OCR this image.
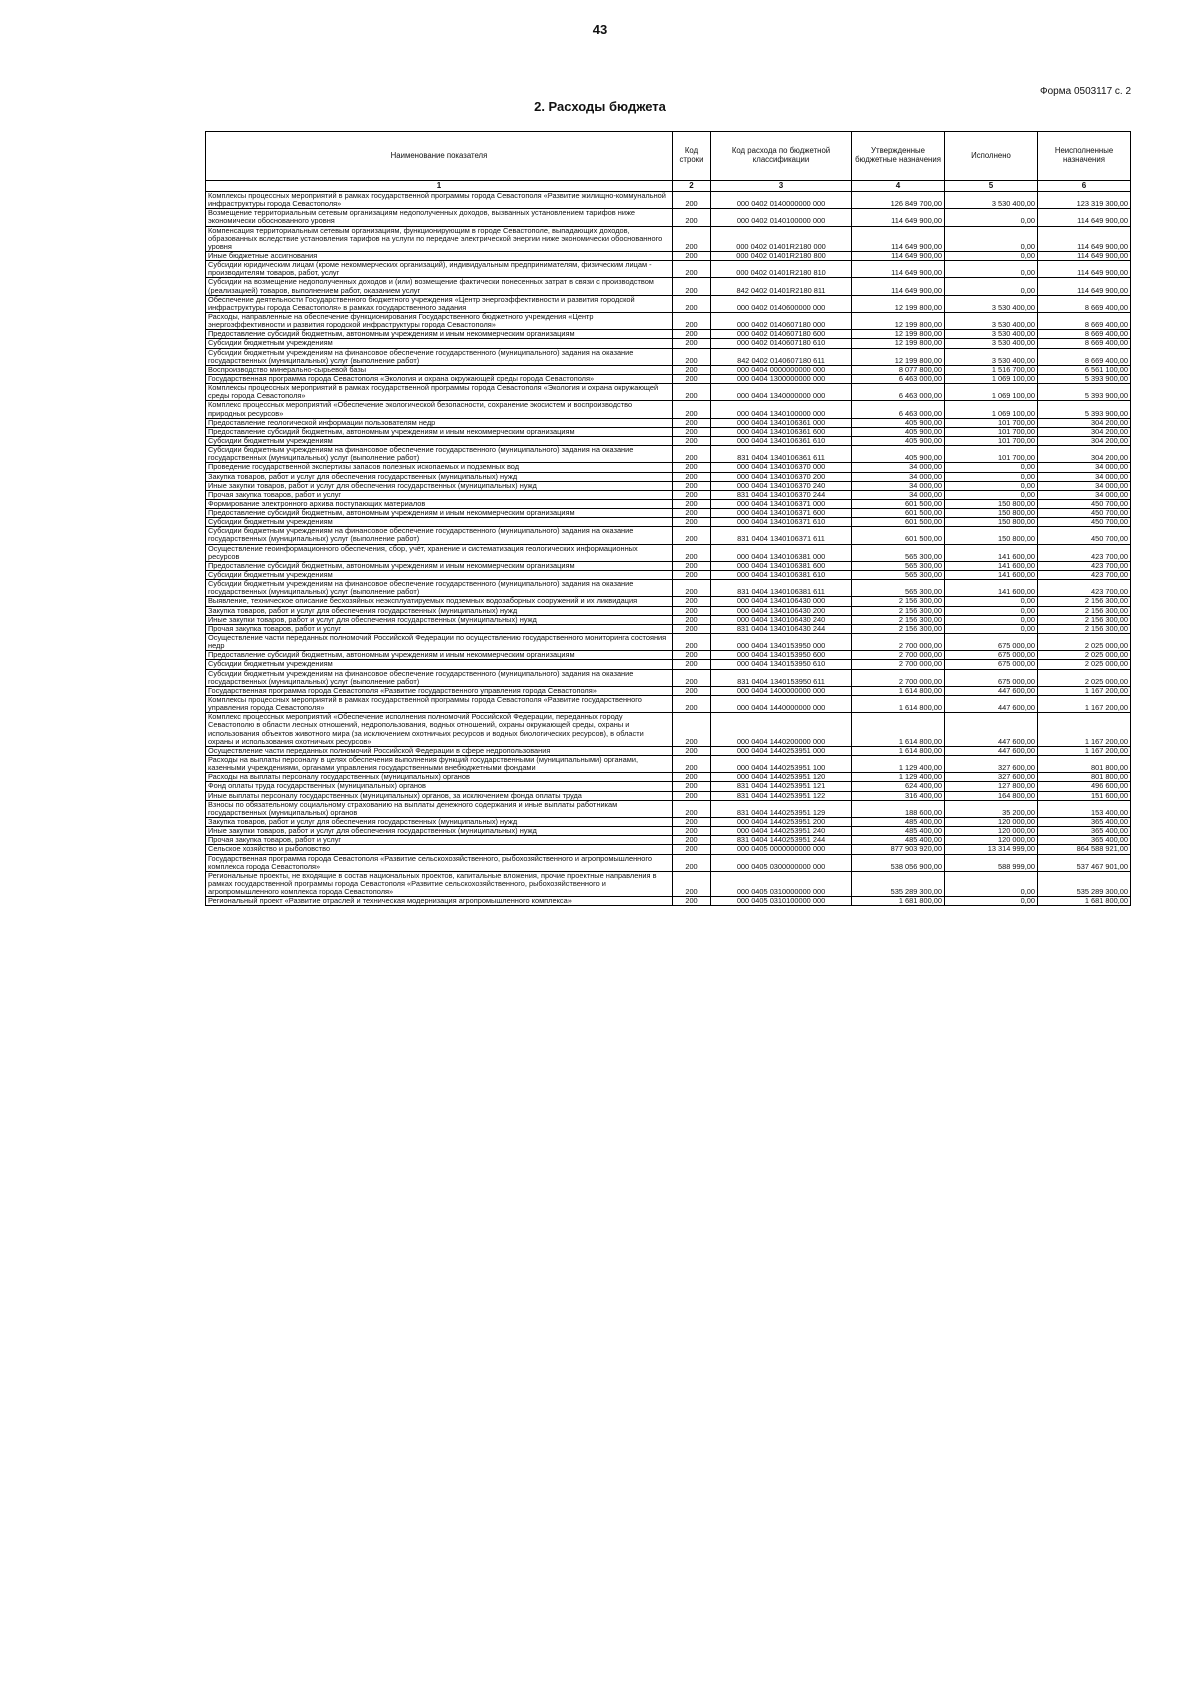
43
Форма 0503117 с. 2
2. Расходы бюджета
Наименование показателя	Код строки	Код расхода по бюджетной классификации	Утвержденные бюджетные назначения	Исполнено	Неисполненные назначения
1	2	3	4	5	6
Комплексы процессных мероприятий в рамках государственной программы города Севастополя «Развитие жилищно-коммунальной инфраструктуры города Севастополя»	200	000 0402 0140000000 000	126 849 700,00	3 530 400,00	123 319 300,00
Возмещение территориальным сетевым организациям недополученных доходов, вызванных установлением тарифов ниже экономически обоснованного уровня	200	000 0402 0140100000 000	114 649 900,00	0,00	114 649 900,00
Компенсация территориальным сетевым организациям, функционирующим в городе Севастополе, выпадающих доходов, образованных вследствие установления тарифов на услуги по передаче электрической энергии ниже экономически обоснованного уровня	200	000 0402 01401R2180 000	114 649 900,00	0,00	114 649 900,00
Иные бюджетные ассигнования	200	000 0402 01401R2180 800	114 649 900,00	0,00	114 649 900,00
Субсидии юридическим лицам (кроме некоммерческих организаций), индивидуальным предпринимателям, физическим лицам - производителям товаров, работ, услуг	200	000 0402 01401R2180 810	114 649 900,00	0,00	114 649 900,00
Субсидии на возмещение недополученных доходов и (или) возмещение фактически понесенных затрат в связи с производством (реализацией) товаров, выполнением работ, оказанием услуг	200	842 0402 01401R2180 811	114 649 900,00	0,00	114 649 900,00
Обеспечение деятельности Государственного бюджетного учреждения «Центр энергоэффективности и развития городской инфраструктуры города Севастополя» в рамках государственного задания	200	000 0402 0140600000 000	12 199 800,00	3 530 400,00	8 669 400,00
Расходы, направленные на обеспечение функционирования Государственного бюджетного учреждения «Центр энергоэффективности и развития городской инфраструктуры города Севастополя»	200	000 0402 0140607180 000	12 199 800,00	3 530 400,00	8 669 400,00
Предоставление субсидий бюджетным, автономным учреждениям и иным некоммерческим организациям	200	000 0402 0140607180 600	12 199 800,00	3 530 400,00	8 669 400,00
Субсидии бюджетным учреждениям	200	000 0402 0140607180 610	12 199 800,00	3 530 400,00	8 669 400,00
Субсидии бюджетным учреждениям на финансовое обеспечение государственного (муниципального) задания на оказание государственных (муниципальных) услуг (выполнение работ)	200	842 0402 0140607180 611	12 199 800,00	3 530 400,00	8 669 400,00
Воспроизводство минерально-сырьевой базы	200	000 0404 0000000000 000	8 077 800,00	1 516 700,00	6 561 100,00
Государственная программа города Севастополя «Экология и охрана окружающей среды города Севастополя»	200	000 0404 1300000000 000	6 463 000,00	1 069 100,00	5 393 900,00
Комплексы процессных мероприятий в рамках государственной программы города Севастополя «Экология и охрана окружающей среды города Севастополя»	200	000 0404 1340000000 000	6 463 000,00	1 069 100,00	5 393 900,00
Комплекс процессных мероприятий «Обеспечение экологической безопасности, сохранение экосистем и воспроизводство природных ресурсов»	200	000 0404 1340100000 000	6 463 000,00	1 069 100,00	5 393 900,00
Предоставление геологической информации пользователям недр	200	000 0404 1340106361 000	405 900,00	101 700,00	304 200,00
Предоставление субсидий бюджетным, автономным учреждениям и иным некоммерческим организациям	200	000 0404 1340106361 600	405 900,00	101 700,00	304 200,00
Субсидии бюджетным учреждениям	200	000 0404 1340106361 610	405 900,00	101 700,00	304 200,00
Субсидии бюджетным учреждениям на финансовое обеспечение государственного (муниципального) задания на оказание государственных (муниципальных) услуг (выполнение работ)	200	831 0404 1340106361 611	405 900,00	101 700,00	304 200,00
Проведение государственной экспертизы запасов полезных ископаемых и подземных вод	200	000 0404 1340106370 000	34 000,00	0,00	34 000,00
Закупка товаров, работ и услуг для обеспечения государственных (муниципальных) нужд	200	000 0404 1340106370 200	34 000,00	0,00	34 000,00
Иные закупки товаров, работ и услуг для обеспечения государственных (муниципальных) нужд	200	000 0404 1340106370 240	34 000,00	0,00	34 000,00
Прочая закупка товаров, работ и услуг	200	831 0404 1340106370 244	34 000,00	0,00	34 000,00
Формирование электронного архива поступающих материалов	200	000 0404 1340106371 000	601 500,00	150 800,00	450 700,00
Предоставление субсидий бюджетным, автономным учреждениям и иным некоммерческим организациям	200	000 0404 1340106371 600	601 500,00	150 800,00	450 700,00
Субсидии бюджетным учреждениям	200	000 0404 1340106371 610	601 500,00	150 800,00	450 700,00
Субсидии бюджетным учреждениям на финансовое обеспечение государственного (муниципального) задания на оказание государственных (муниципальных) услуг (выполнение работ)	200	831 0404 1340106371 611	601 500,00	150 800,00	450 700,00
Осуществление геоинформационного обеспечения, сбор, учёт, хранение и систематизация геологических информационных ресурсов	200	000 0404 1340106381 000	565 300,00	141 600,00	423 700,00
Предоставление субсидий бюджетным, автономным учреждениям и иным некоммерческим организациям	200	000 0404 1340106381 600	565 300,00	141 600,00	423 700,00
Субсидии бюджетным учреждениям	200	000 0404 1340106381 610	565 300,00	141 600,00	423 700,00
Субсидии бюджетным учреждениям на финансовое обеспечение государственного (муниципального) задания на оказание государственных (муниципальных) услуг (выполнение работ)	200	831 0404 1340106381 611	565 300,00	141 600,00	423 700,00
Выявление, техническое описание бесхозяйных неэксплуатируемых подземных водозаборных сооружений и их ликвидация	200	000 0404 1340106430 000	2 156 300,00	0,00	2 156 300,00
Закупка товаров, работ и услуг для обеспечения государственных (муниципальных) нужд	200	000 0404 1340106430 200	2 156 300,00	0,00	2 156 300,00
Иные закупки товаров, работ и услуг для обеспечения государственных (муниципальных) нужд	200	000 0404 1340106430 240	2 156 300,00	0,00	2 156 300,00
Прочая закупка товаров, работ и услуг	200	831 0404 1340106430 244	2 156 300,00	0,00	2 156 300,00
Осуществление части переданных полномочий Российской Федерации по осуществлению государственного мониторинга состояния недр	200	000 0404 1340153950 000	2 700 000,00	675 000,00	2 025 000,00
Предоставление субсидий бюджетным, автономным учреждениям и иным некоммерческим организациям	200	000 0404 1340153950 600	2 700 000,00	675 000,00	2 025 000,00
Субсидии бюджетным учреждениям	200	000 0404 1340153950 610	2 700 000,00	675 000,00	2 025 000,00
Субсидии бюджетным учреждениям на финансовое обеспечение государственного (муниципального) задания на оказание государственных (муниципальных) услуг (выполнение работ)	200	831 0404 1340153950 611	2 700 000,00	675 000,00	2 025 000,00
Государственная программа города Севастополя «Развитие государственного управления города Севастополя»	200	000 0404 1400000000 000	1 614 800,00	447 600,00	1 167 200,00
Комплексы процессных мероприятий в рамках государственной программы города Севастополя «Развитие государственного управления города Севастополя»	200	000 0404 1440000000 000	1 614 800,00	447 600,00	1 167 200,00
Комплекс процессных мероприятий «Обеспечение исполнения полномочий Российской Федерации, переданных городу Севастополю в области лесных отношений, недропользования, водных отношений, охраны окружающей среды, охраны и использования объектов животного мира (за исключением охотничьих ресурсов и водных биологических ресурсов), в области охраны и использования охотничьих ресурсов»	200	000 0404 1440200000 000	1 614 800,00	447 600,00	1 167 200,00
Осуществление части переданных полномочий Российской Федерации в сфере недропользования	200	000 0404 1440253951 000	1 614 800,00	447 600,00	1 167 200,00
Расходы на выплаты персоналу в целях обеспечения выполнения функций государственными (муниципальными) органами, казенными учреждениями, органами управления государственными внебюджетными фондами	200	000 0404 1440253951 100	1 129 400,00	327 600,00	801 800,00
Расходы на выплаты персоналу государственных (муниципальных) органов	200	000 0404 1440253951 120	1 129 400,00	327 600,00	801 800,00
Фонд оплаты труда государственных (муниципальных) органов	200	831 0404 1440253951 121	624 400,00	127 800,00	496 600,00
Иные выплаты персоналу государственных (муниципальных) органов, за исключением фонда оплаты труда	200	831 0404 1440253951 122	316 400,00	164 800,00	151 600,00
Взносы по обязательному социальному страхованию на выплаты денежного содержания и иные выплаты работникам государственных (муниципальных) органов	200	831 0404 1440253951 129	188 600,00	35 200,00	153 400,00
Закупка товаров, работ и услуг для обеспечения государственных (муниципальных) нужд	200	000 0404 1440253951 200	485 400,00	120 000,00	365 400,00
Иные закупки товаров, работ и услуг для обеспечения государственных (муниципальных) нужд	200	000 0404 1440253951 240	485 400,00	120 000,00	365 400,00
Прочая закупка товаров, работ и услуг	200	831 0404 1440253951 244	485 400,00	120 000,00	365 400,00
Сельское хозяйство и рыболовство	200	000 0405 0000000000 000	877 903 920,00	13 314 999,00	864 588 921,00
Государственная программа города Севастополя «Развитие сельскохозяйственного, рыбохозяйственного и агропромышленного комплекса города Севастополя»	200	000 0405 0300000000 000	538 056 900,00	588 999,00	537 467 901,00
Региональные проекты, не входящие в состав национальных проектов, капитальные вложения, прочие проектные направления в рамках государственной программы города Севастополя «Развитие сельскохозяйственного, рыбохозяйственного и агропромышленного комплекса города Севастополя»	200	000 0405 0310000000 000	535 289 300,00	0,00	535 289 300,00
Региональный проект «Развитие отраслей и техническая модернизация агропромышленного комплекса»	200	000 0405 0310100000 000	1 681 800,00	0,00	1 681 800,00
